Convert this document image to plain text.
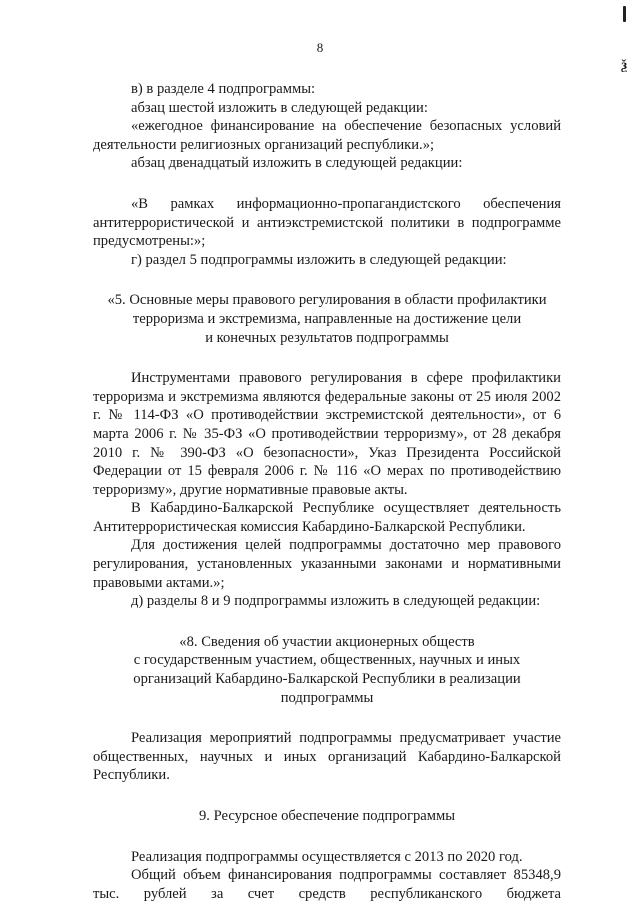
ѯ
8

в) в разделе 4 подпрограммы:

абзац шестой изложить в следующей редакции:

«ежегодное финансирование на обеспечение безопасных условий деятельности религиозных организаций республики.»;

абзац двенадцатый изложить в следующей редакции:

«В рамках информационно-пропагандистского обеспечения антитеррористической и антиэкстремистской политики в подпрограмме предусмотрены:»;

г) раздел 5 подпрограммы изложить в следующей редакции:

«5. Основные меры правового регулирования в области профилактики

терроризма и экстремизма, направленные на достижение цели

и конечных результатов подпрограммы

Инструментами правового регулирования в сфере профилактики терроризма и экстремизма являются федеральные законы от 25 июля 2002 г. № 114-ФЗ «О противодействии экстремистской деятельности», от 6 марта 2006 г. № 35-ФЗ «О противодействии терроризму», от 28 декабря 2010 г. № 390-ФЗ «О безопасности», Указ Президента Российской Федерации от 15 февраля 2006 г. № 116 «О мерах по противодействию терроризму», другие нормативные правовые акты.

В Кабардино-Балкарской Республике осуществляет деятельность Антитеррористическая комиссия Кабардино-Балкарской Республики.

Для достижения целей подпрограммы достаточно мер правового регулирования, установленных указанными законами и нормативными правовыми актами.»;

д) разделы 8 и 9 подпрограммы изложить в следующей редакции:

«8. Сведения об участии акционерных обществ

с государственным участием, общественных, научных и иных

организаций Кабардино-Балкарской Республики в реализации

подпрограммы

Реализация мероприятий подпрограммы предусматривает участие общественных, научных и иных организаций Кабардино-Балкарской Республики.

9. Ресурсное обеспечение подпрограммы

Реализация подпрограммы осуществляется с 2013 по 2020 год.

Общий объем финансирования подпрограммы составляет 85348,9 тыс. рублей за счет средств республиканского бюджета
